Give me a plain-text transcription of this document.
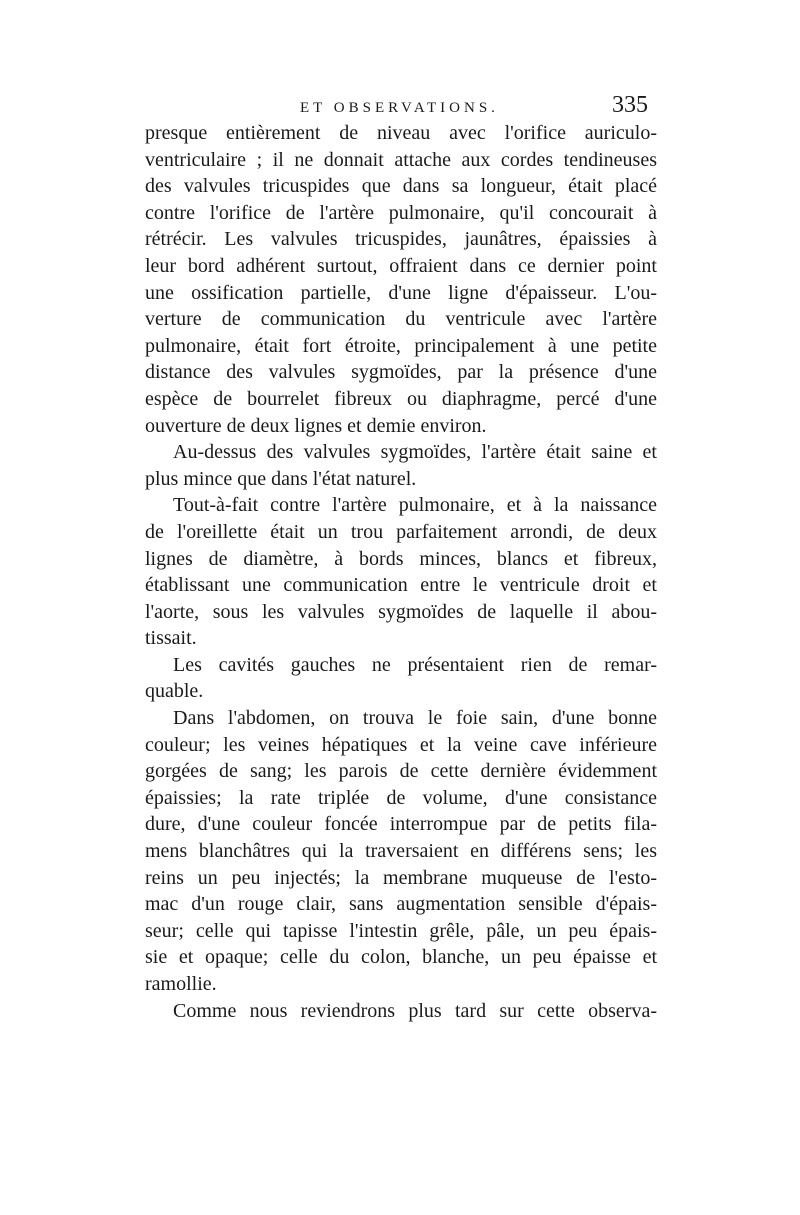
ET OBSERVATIONS.	335
presque entièrement de niveau avec l'orifice auriculo-
ventriculaire ; il ne donnait attache aux cordes tendineuses
des valvules tricuspides que dans sa longueur, était placé
contre l'orifice de l'artère pulmonaire, qu'il concourait à
rétrécir. Les valvules tricuspides, jaunâtres, épaissies à
leur bord adhérent surtout, offraient dans ce dernier point
une ossification partielle, d'une ligne d'épaisseur. L'ou-
verture de communication du ventricule avec l'artère
pulmonaire, était fort étroite, principalement à une petite
distance des valvules sygmoïdes, par la présence d'une
espèce de bourrelet fibreux ou diaphragme, percé d'une
ouverture de deux lignes et demie environ.
Au-dessus des valvules sygmoïdes, l'artère était saine et
plus mince que dans l'état naturel.
Tout-à-fait contre l'artère pulmonaire, et à la naissance
de l'oreillette était un trou parfaitement arrondi, de deux
lignes de diamètre, à bords minces, blancs et fibreux,
établissant une communication entre le ventricule droit et
l'aorte, sous les valvules sygmoïdes de laquelle il abou-
tissait.
Les cavités gauches ne présentaient rien de remar-
quable.
Dans l'abdomen, on trouva le foie sain, d'une bonne
couleur; les veines hépatiques et la veine cave inférieure
gorgées de sang; les parois de cette dernière évidemment
épaissies; la rate triplée de volume, d'une consistance
dure, d'une couleur foncée interrompue par de petits fila-
mens blanchâtres qui la traversaient en différens sens; les
reins un peu injectés; la membrane muqueuse de l'esto-
mac d'un rouge clair, sans augmentation sensible d'épais-
seur; celle qui tapisse l'intestin grêle, pâle, un peu épais-
sie et opaque; celle du colon, blanche, un peu épaisse et
ramollie.
Comme nous reviendrons plus tard sur cette observa-
